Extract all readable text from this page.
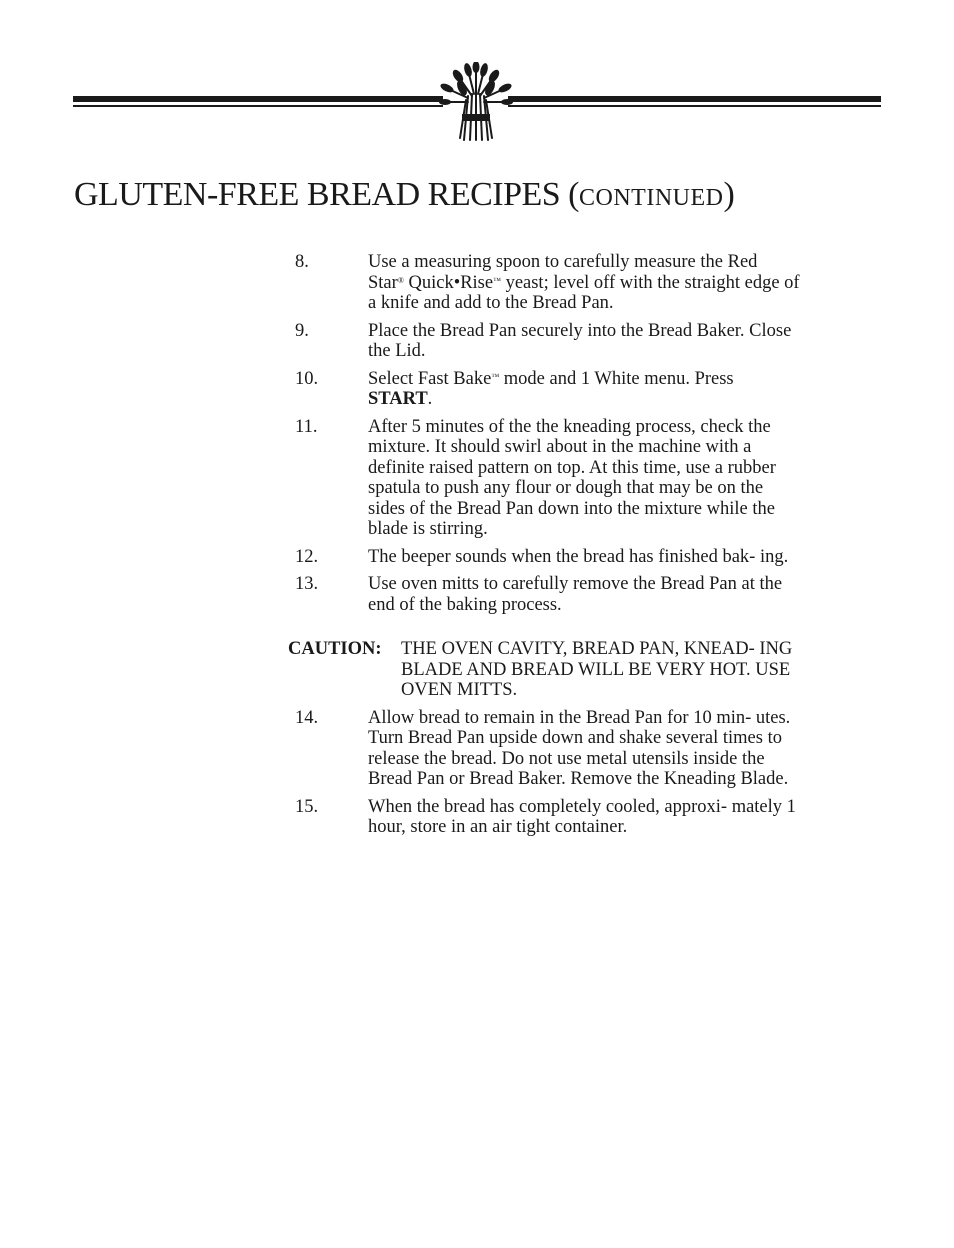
GLUTEN-FREE BREAD RECIPES (CONTINUED)
8.	Use a measuring spoon to carefully measure the Red
Star® Quick•Rise™ yeast; level off with the straight edge of a knife and add to the Bread Pan.
9.	Place the Bread Pan securely into the Bread Baker. Close the Lid.
10.	Select Fast Bake™ mode and 1 White menu. Press
START.
11.	After 5 minutes of the the kneading process, check the mixture. It should swirl about in the machine with a definite raised pattern on top. At this time, use a rubber spatula to push any flour or dough that may be on the sides of the Bread Pan down into the mixture while the blade is stirring.
12.	The beeper sounds when the bread has finished bak- ing.
13.	Use oven mitts to carefully remove the Bread Pan at the end of the baking process.
CAUTION: THE OVEN CAVITY, BREAD PAN, KNEAD- ING BLADE AND BREAD WILL BE VERY HOT. USE OVEN MITTS.
14.	Allow bread to remain in the Bread Pan for 10 min- utes. Turn Bread Pan upside down and shake several times to release the bread. Do not use metal utensils inside the Bread Pan or Bread Baker. Remove the Kneading Blade.
15.	When the bread has completely cooled, approxi- mately 1 hour, store in an air tight container.
